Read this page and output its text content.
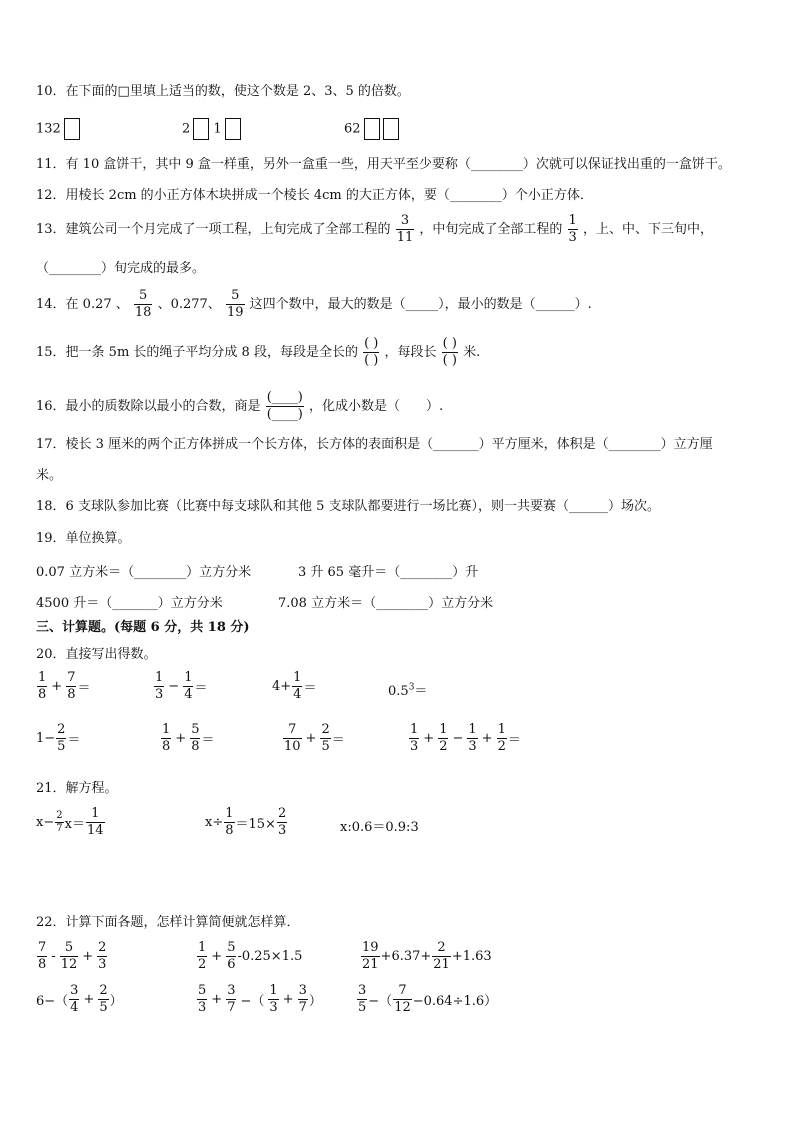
10．在下面的□里填上适当的数，使这个数是 2、3、5 的倍数。
132	2 1	62
11．有 10 盒饼干，其中 9 盒一样重，另外一盒重一些，用天平至少要称（________）次就可以保证找出重的一盒饼干。
12．用棱长 2cm 的小正方体木块拼成一个棱长 4cm 的大正方体，要（________）个小正方体．
13．建筑公司一个月完成了一项工程，上旬完成了全部工程的 $\frac{3}{11}$ ，中旬完成了全部工程的 $\frac{1}{3}$ ，上、中、下三旬中，
（________）旬完成的最多。
14．在 0.27 、 $\frac{5}{18}$ 、0.277、 $\frac{5}{19}$ 这四个数中，最大的数是（_____），最小的数是（______）.
15．把一条 5m 长的绳子平均分成 8 段，每段是全长的
( )
( )
，每段长
( )
( )
米.
16．最小的质数除以最小的合数，商是
(____)
(____)
，化成小数是（　　）.
17．棱长 3 厘米的两个正方体拼成一个长方体，长方体的表面积是（_______）平方厘米，体积是（________）立方厘
米。
18．6 支球队参加比赛（比赛中每支球队和其他 5 支球队都要进行一场比赛），则一共要赛（______）场次。
19．单位换算。
0.07 立方米＝（________）立方分米	3 升 65 毫升＝（________）升
4500 升＝（_______）立方分米	7.08 立方米＝（________）立方分米
三、计算题。(每题 6 分，共 18 分)
20．直接写出得数。
$\frac{1}{8} + \frac{7}{8}$ ＝	$\frac{1}{3} - \frac{1}{4}$ ＝	$4+ \frac{1}{4}$ ＝	$0.5^3=$
$1- \frac{2}{5}$ ＝	$\frac{1}{8} + \frac{5}{8}$ ＝	$\frac{7}{10} + \frac{2}{5}$ ＝	$\frac{1}{3} + \frac{1}{2} - \frac{1}{3} + \frac{1}{2}$ ＝
21．解方程。
$x- \frac{2}{7} x= \frac{1}{14}$	$x\div \frac{1}{8} =15\times \frac{2}{3}$	x:0.6＝0.9:3
22．计算下面各题，怎样计算简便就怎样算．
$\frac{7}{8} - \frac{5}{12} + \frac{2}{3}$	$\frac{1}{2} + \frac{5}{6} -0.25\times 1.5$	$\frac{19}{21} +6.37+ \frac{2}{21} +1.63$
$6-( \frac{3}{4} + \frac{2}{5}$ ）	$\frac{5}{3} + \frac{3}{7}$ −（ $\frac{1}{3} + \frac{3}{7}$ ）	$\frac{3}{5}$ −（ $\frac{7}{12} -0.64\div 1.6$）
